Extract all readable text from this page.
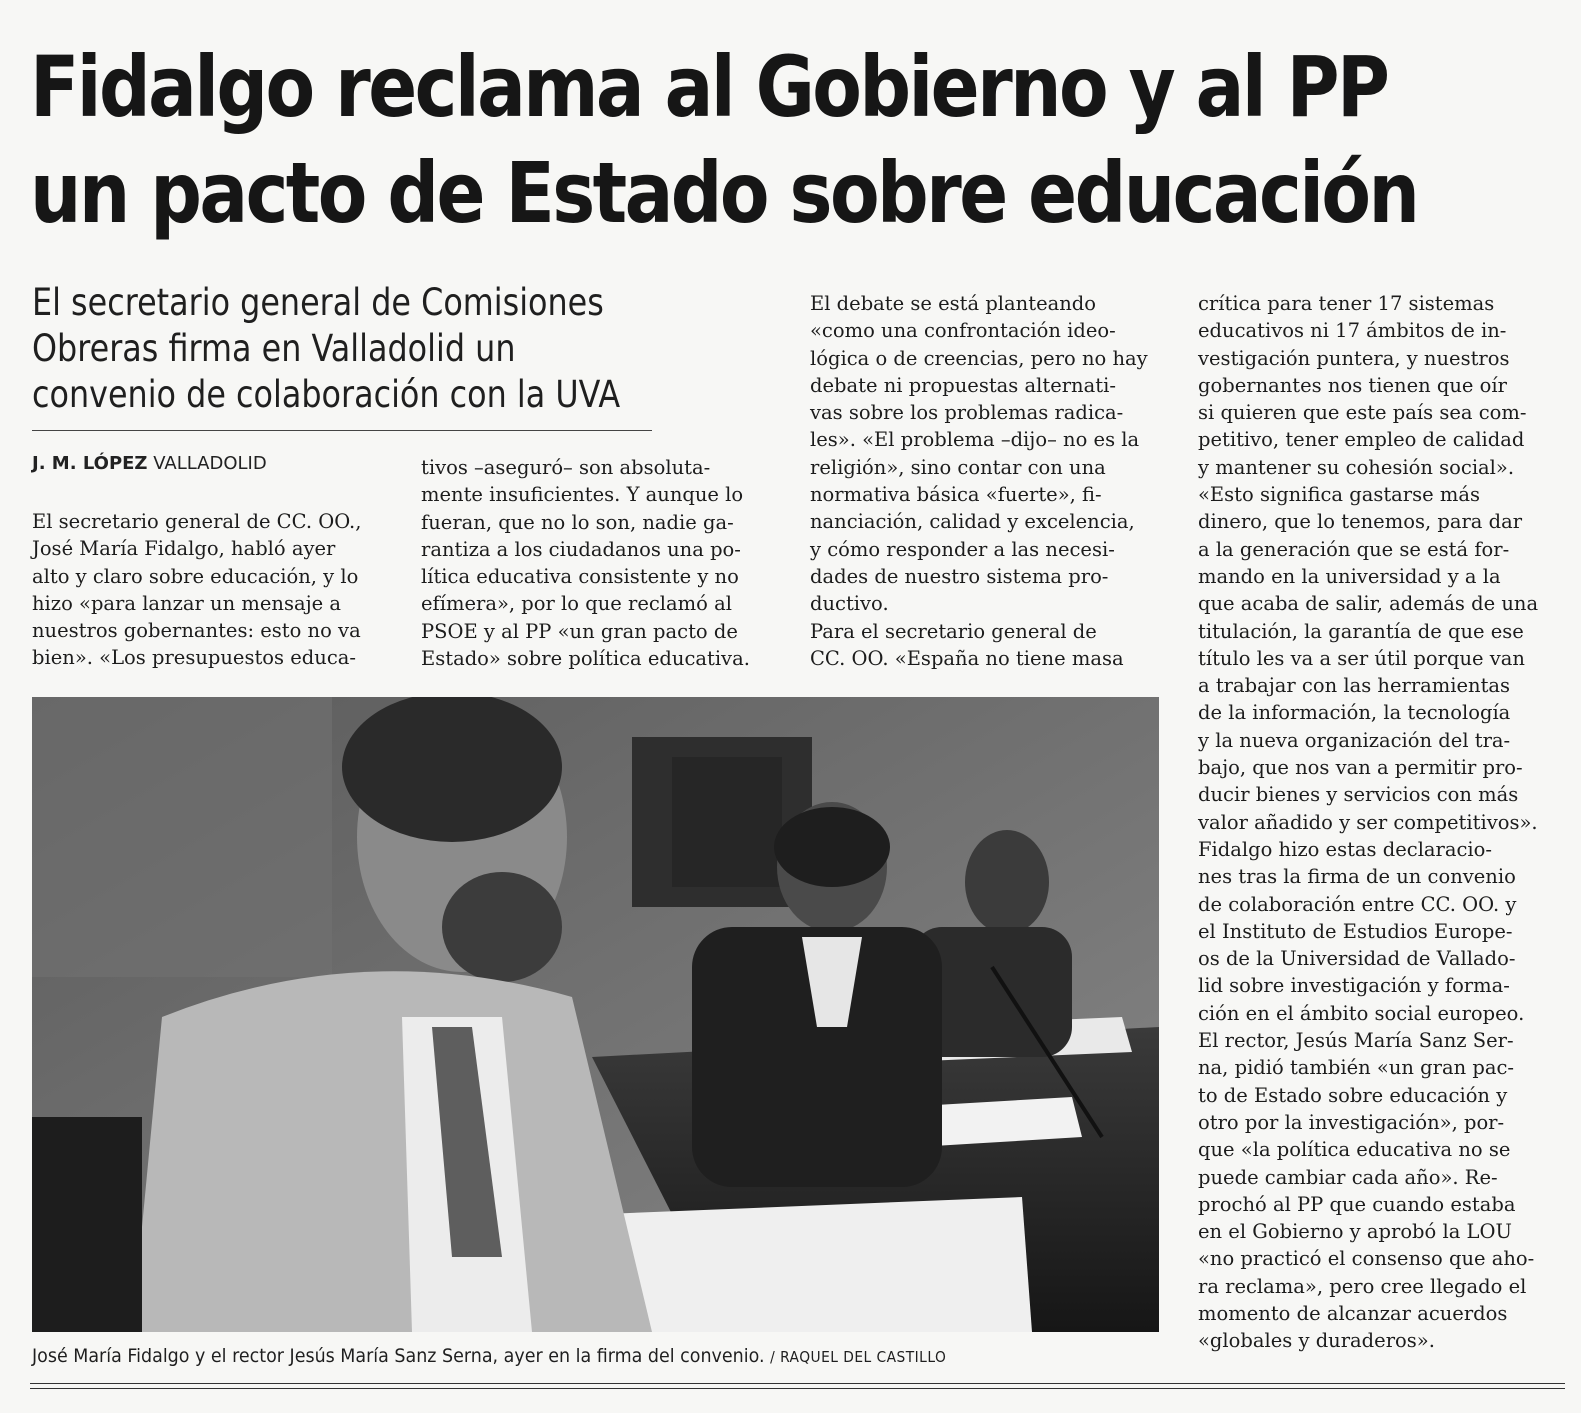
Fidalgo reclama al Gobierno y al PP
un pacto de Estado sobre educación
El secretario general de Comisiones
Obreras firma en Valladolid un
convenio de colaboración con la UVA
J. M. LÓPEZ VALLADOLID
El secretario general de CC. OO.,
José María Fidalgo, habló ayer
alto y claro sobre educación, y lo
hizo «para lanzar un mensaje a
nuestros gobernantes: esto no va
bien». «Los presupuestos educa-
tivos –aseguró– son absoluta-
mente insuficientes. Y aunque lo
fueran, que no lo son, nadie ga-
rantiza a los ciudadanos una po-
lítica educativa consistente y no
efímera», por lo que reclamó al
PSOE y al PP «un gran pacto de
Estado» sobre política educativa.
El debate se está planteando
«como una confrontación ideo-
lógica o de creencias, pero no hay
debate ni propuestas alternati-
vas sobre los problemas radica-
les». «El problema –dijo– no es la
religión», sino contar con una
normativa básica «fuerte», fi-
nanciación, calidad y excelencia,
y cómo responder a las necesi-
dades de nuestro sistema pro-
ductivo.
Para el secretario general de
CC. OO. «España no tiene masa
crítica para tener 17 sistemas
educativos ni 17 ámbitos de in-
vestigación puntera, y nuestros
gobernantes nos tienen que oír
si quieren que este país sea com-
petitivo, tener empleo de calidad
y mantener su cohesión social».
«Esto significa gastarse más
dinero, que lo tenemos, para dar
a la generación que se está for-
mando en la universidad y a la
que acaba de salir, además de una
titulación, la garantía de que ese
título les va a ser útil porque van
a trabajar con las herramientas
de la información, la tecnología
y la nueva organización del tra-
bajo, que nos van a permitir pro-
ducir bienes y servicios con más
valor añadido y ser competitivos».
Fidalgo hizo estas declaracio-
nes tras la firma de un convenio
de colaboración entre CC. OO. y
el Instituto de Estudios Europe-
os de la Universidad de Vallado-
lid sobre investigación y forma-
ción en el ámbito social europeo.
El rector, Jesús María Sanz Ser-
na, pidió también «un gran pac-
to de Estado sobre educación y
otro por la investigación», por-
que «la política educativa no se
puede cambiar cada año». Re-
prochó al PP que cuando estaba
en el Gobierno y aprobó la LOU
«no practicó el consenso que aho-
ra reclama», pero cree llegado el
momento de alcanzar acuerdos
«globales y duraderos».
José María Fidalgo y el rector Jesús María Sanz Serna, ayer en la firma del convenio. / RAQUEL DEL CASTILLO
